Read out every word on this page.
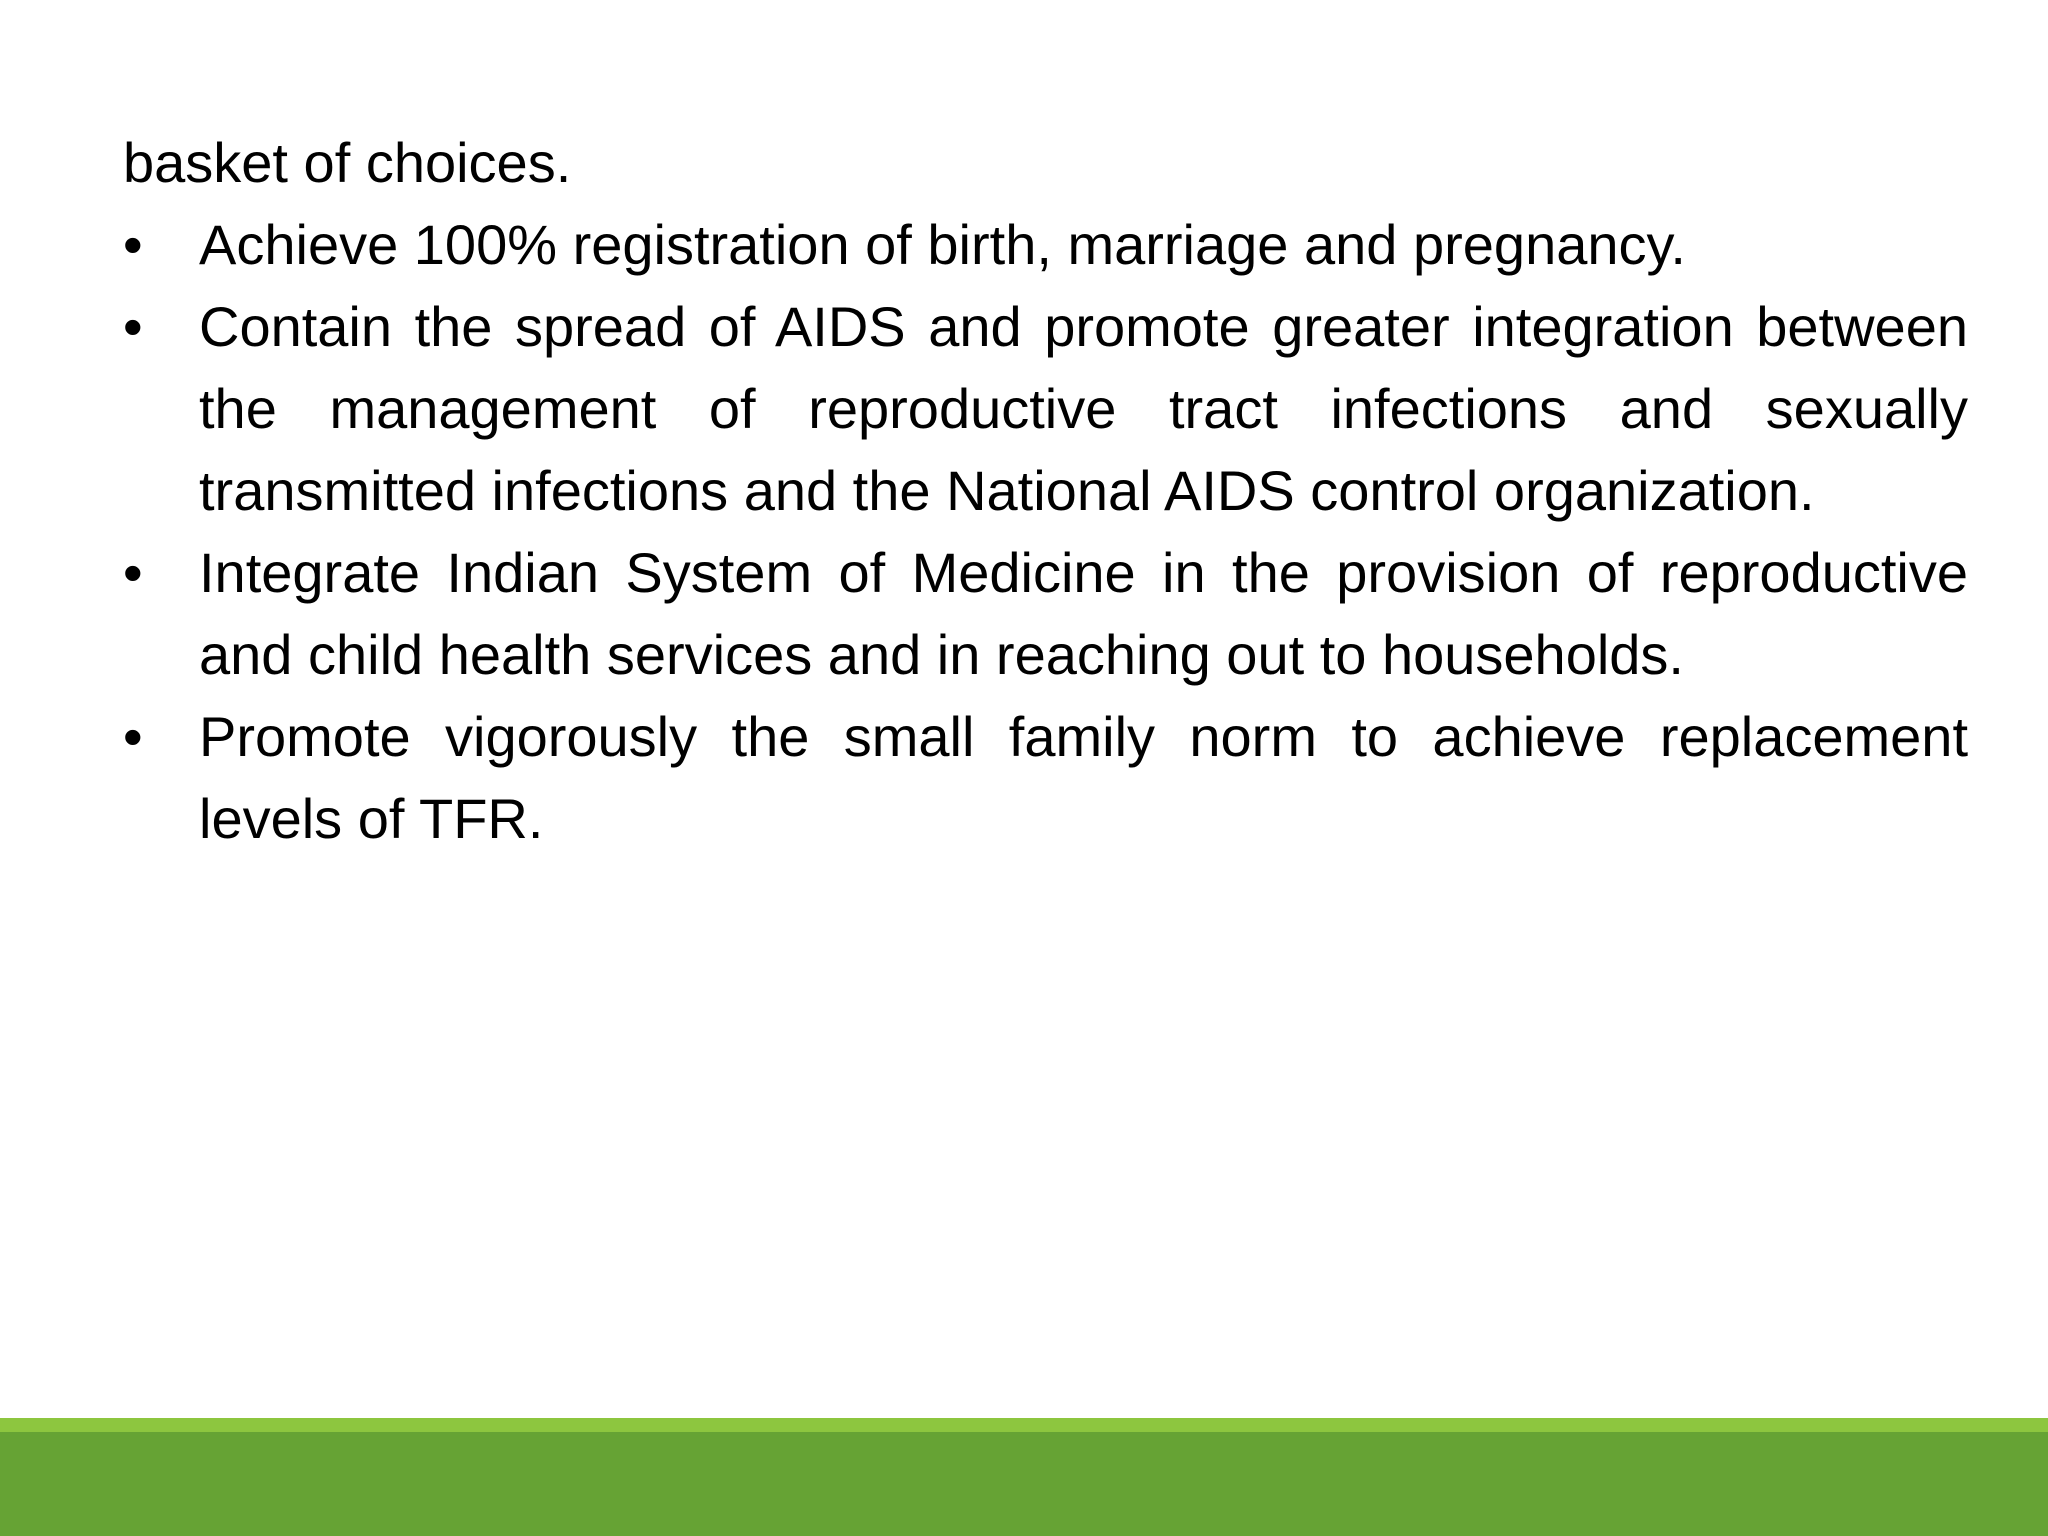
basket of choices.

• Achieve 100% registration of birth, marriage and pregnancy.
• Contain the spread of AIDS and promote greater integration between the management of reproductive tract infections and sexually transmitted infections and the National AIDS control organization.
• Integrate Indian System of Medicine in the provision of reproductive and child health services and in reaching out to households.
• Promote vigorously the small family norm to achieve replacement levels of TFR.
